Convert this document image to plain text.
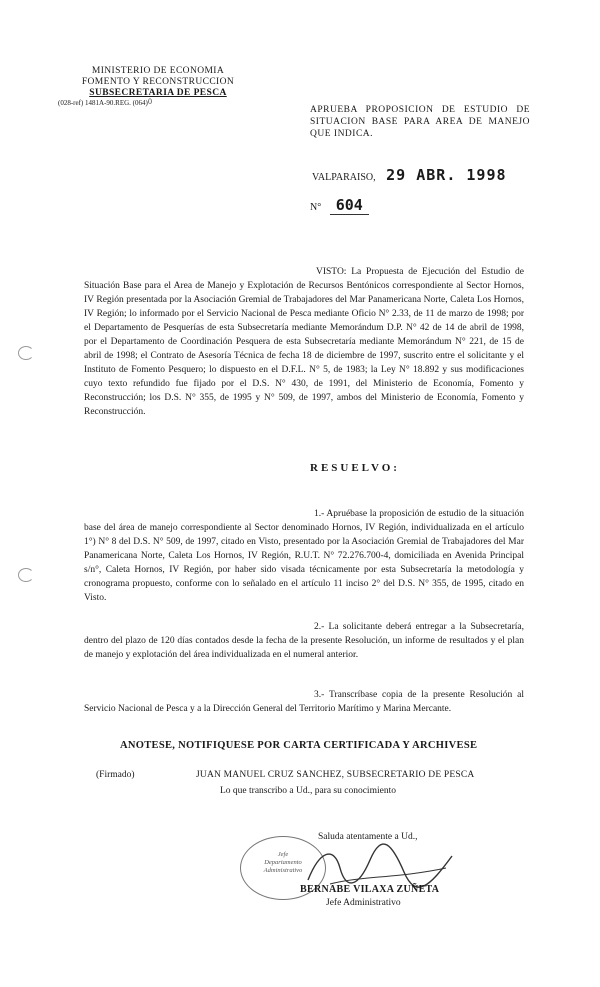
MINISTERIO DE ECONOMIA
FOMENTO Y RECONSTRUCCION
SUBSECRETARIA DE PESCA
(028-ref) 1481A-90.REG. (064) 0
APRUEBA PROPOSICION DE ESTUDIO DE SITUACION BASE PARA AREA DE MANEJO QUE INDICA.
VALPARAISO, 29 ABR. 1998
N° 604
VISTO: La Propuesta de Ejecución del Estudio de Situación Base para el Area de Manejo y Explotación de Recursos Bentónicos correspondiente al Sector Hornos, IV Región presentada por la Asociación Gremial de Trabajadores del Mar Panamericana Norte, Caleta Los Hornos, IV Región; lo informado por el Servicio Nacional de Pesca mediante Oficio N° 2.33, de 11 de marzo de 1998; por el Departamento de Pesquerías de esta Subsecretaría mediante Memorándum D.P. N° 42 de 14 de abril de 1998, por el Departamento de Coordinación Pesquera de esta Subsecretaría mediante Memorándum N° 221, de 15 de abril de 1998; el Contrato de Asesoría Técnica de fecha 18 de diciembre de 1997, suscrito entre el solicitante y el Instituto de Fomento Pesquero; lo dispuesto en el D.F.L. N° 5, de 1983; la Ley N° 18.892 y sus modificaciones cuyo texto refundido fue fijado por el D.S. N° 430, de 1991, del Ministerio de Economía, Fomento y Reconstrucción; los D.S. N° 355, de 1995 y N° 509, de 1997, ambos del Ministerio de Economía, Fomento y Reconstrucción.
RESUELVO:
1.- Apruébase la proposición de estudio de la situación base del área de manejo correspondiente al Sector denominado Hornos, IV Región, individualizada en el artículo 1°) N° 8 del D.S. N° 509, de 1997, citado en Visto, presentado por la Asociación Gremial de Trabajadores del Mar Panamericana Norte, Caleta Los Hornos, IV Región, R.U.T. N° 72.276.700-4, domiciliada en Avenida Principal s/n°, Caleta Hornos, IV Región, por haber sido visada técnicamente por esta Subsecretaría la metodología y cronograma propuesto, conforme con lo señalado en el artículo 11 inciso 2° del D.S. N° 355, de 1995, citado en Visto.
2.- La solicitante deberá entregar a la Subsecretaría, dentro del plazo de 120 días contados desde la fecha de la presente Resolución, un informe de resultados y el plan de manejo y explotación del área individualizada en el numeral anterior.
3.- Transcríbase copia de la presente Resolución al Servicio Nacional de Pesca y a la Dirección General del Territorio Marítimo y Marina Mercante.
ANOTESE, NOTIFIQUESE POR CARTA CERTIFICADA Y ARCHIVESE
(Firmado)	JUAN MANUEL CRUZ SANCHEZ, SUBSECRETARIO DE PESCA
Lo que transcribo a Ud., para su conocimiento
Saluda atentamente a Ud.,
Jefe
Departamento
Administrativo
BERNABE VILAXA ZUÑETA
Jefe Administrativo
